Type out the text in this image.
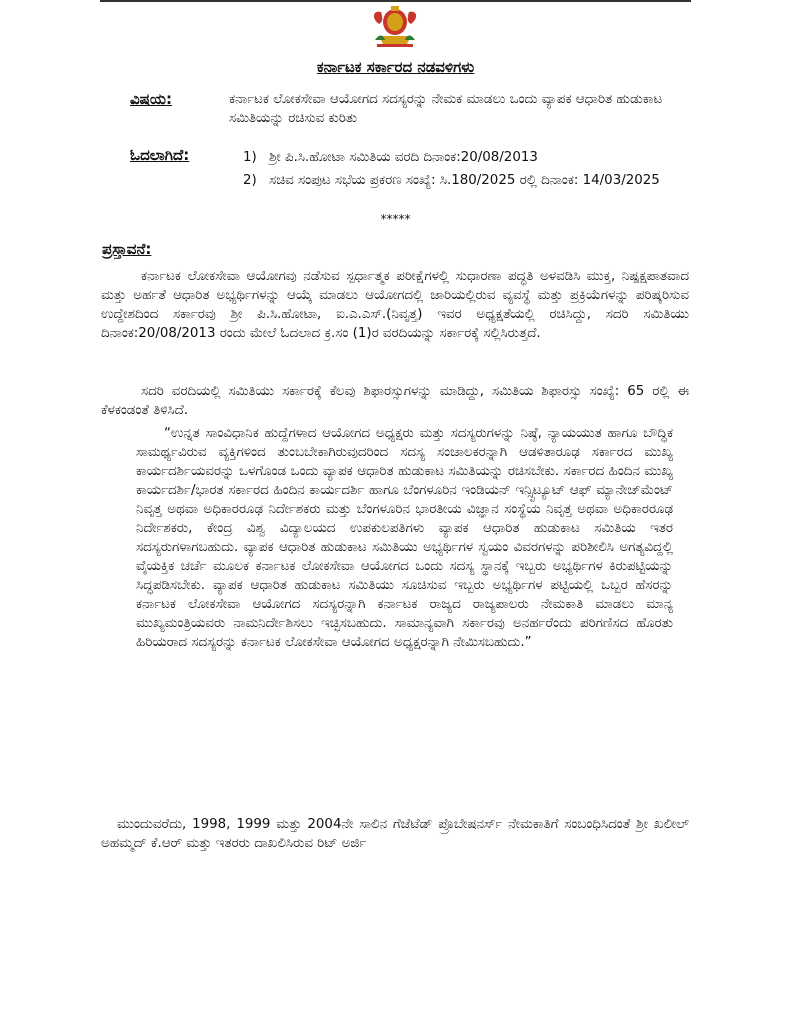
ಕರ್ನಾಟಕ ಸರ್ಕಾರದ ನಡವಳಿಗಳು
ವಿಷಯ:	ಕರ್ನಾಟಕ ಲೋಕಸೇವಾ ಆಯೋಗದ ಸದಸ್ಯರನ್ನು ನೇಮಕ ಮಾಡಲು ಒಂದು ವ್ಯಾಪಕ ಆಧಾರಿತ ಹುಡುಕಾಟ ಸಮಿತಿಯನ್ನು ರಚಿಸುವ ಕುರಿತು
ಓದಲಾಗಿದೆ:	1) ಶ್ರೀ ಪಿ.ಸಿ.ಹೋಟಾ ಸಮಿತಿಯ ವರದಿ ದಿನಾಂಕ:20/08/2013
2) ಸಚಿವ ಸಂಪುಟ ಸಭೆಯ ಪ್ರಕರಣ ಸಂಖ್ಯೆ: ಸಿ.180/2025 ರಲ್ಲಿ ದಿನಾಂಕ: 14/03/2025
*****
ಪ್ರಸ್ತಾವನೆ:
ಕರ್ನಾಟಕ ಲೋಕಸೇವಾ ಆಯೋಗವು ನಡೆಸುವ ಸ್ಪರ್ಧಾತ್ಮಕ ಪರೀಕ್ಷೆಗಳಲ್ಲಿ ಸುಧಾರಣಾ ಪದ್ಧತಿ ಅಳವಡಿಸಿ ಮುಕ್ತ, ನಿಷ್ಪಕ್ಷಪಾತವಾದ ಮತ್ತು ಅರ್ಹತೆ ಆಧಾರಿತ ಅಭ್ಯರ್ಥಿಗಳನ್ನು ಆಯ್ಕೆ ಮಾಡಲು ಆಯೋಗದಲ್ಲಿ ಜಾರಿಯಲ್ಲಿರುವ ವ್ಯವಸ್ಥೆ ಮತ್ತು ಪ್ರಕ್ರಿಯೆಗಳನ್ನು ಪರಿಷ್ಕರಿಸುವ ಉದ್ದೇಶದಿಂದ ಸರ್ಕಾರವು ಶ್ರೀ ಪಿ.ಸಿ.ಹೋಟಾ, ಐ.ಎ.ಎಸ್.(ನಿವೃತ್ತ) ಇವರ ಅಧ್ಯಕ್ಷತೆಯಲ್ಲಿ ರಚಿಸಿದ್ದು, ಸದರಿ ಸಮಿತಿಯು ದಿನಾಂಕ:20/08/2013 ರಂದು ಮೇಲೆ ಓದಲಾದ ಕ್ರ.ಸಂ (1)ರ ವರದಿಯನ್ನು ಸರ್ಕಾರಕ್ಕೆ ಸಲ್ಲಿಸಿರುತ್ತದೆ.
ಸದರಿ ವರದಿಯಲ್ಲಿ ಸಮಿತಿಯು ಸರ್ಕಾರಕ್ಕೆ ಕೆಲವು ಶಿಫಾರಸ್ಸುಗಳನ್ನು ಮಾಡಿದ್ದು, ಸಮಿತಿಯ ಶಿಫಾರಸ್ಸು ಸಂಖ್ಯೆ: 65 ರಲ್ಲಿ ಈ ಕೆಳಕಂಡಂತೆ ತಿಳಿಸಿದೆ.
“ಉನ್ನತ ಸಾಂವಿಧಾನಿಕ ಹುದ್ದೆಗಳಾದ ಆಯೋಗದ ಅಧ್ಯಕ್ಷರು ಮತ್ತು ಸದಸ್ಯರುಗಳನ್ನು ನಿಷ್ಠೆ, ನ್ಯಾಯಯುತ ಹಾಗೂ ಬೌದ್ಧಿಕ ಸಾಮರ್ಥ್ಯವಿರುವ ವ್ಯಕ್ತಿಗಳಿಂದ ತುಂಬಬೇಕಾಗಿರುವುದರಿಂದ ಸದಸ್ಯ ಸಂಚಾಲಕರನ್ನಾಗಿ ಆಡಳಿತಾರೂಢ ಸರ್ಕಾರದ ಮುಖ್ಯ ಕಾರ್ಯದರ್ಶಿಯವರನ್ನು ಒಳಗೊಂಡ ಒಂದು ವ್ಯಾಪಕ ಆಧಾರಿತ ಹುಡುಕಾಟ ಸಮಿತಿಯನ್ನು ರಚಿಸಬೇಕು. ಸರ್ಕಾರದ ಹಿಂದಿನ ಮುಖ್ಯ ಕಾರ್ಯದರ್ಶಿ/ಭಾರತ ಸರ್ಕಾರದ ಹಿಂದಿನ ಕಾರ್ಯದರ್ಶಿ ಹಾಗೂ ಬೆಂಗಳೂರಿನ ಇಂಡಿಯನ್ ಇನ್ಸ್ಟಿಟ್ಯೂಟ್ ಆಫ್ ಮ್ಯಾನೇಜ್‌ಮೆಂಟ್ ನಿವೃತ್ತ ಅಥವಾ ಅಧಿಕಾರರೂಢ ನಿರ್ದೇಶಕರು ಮತ್ತು ಬೆಂಗಳೂರಿನ ಭಾರತೀಯ ವಿಜ್ಞಾನ ಸಂಸ್ಥೆಯ ನಿವೃತ್ತ ಅಥವಾ ಅಧಿಕಾರರೂಢ ನಿರ್ದೇಶಕರು, ಕೇಂದ್ರ ವಿಶ್ವ ವಿದ್ಯಾಲಯದ ಉಪಕುಲಪತಿಗಳು ವ್ಯಾಪಕ ಆಧಾರಿತ ಹುಡುಕಾಟ ಸಮಿತಿಯ ಇತರ ಸದಸ್ಯರುಗಳಾಗಬಹುದು. ವ್ಯಾಪಕ ಆಧಾರಿತ ಹುಡುಕಾಟ ಸಮಿತಿಯು ಅಭ್ಯರ್ಥಿಗಳ ಸ್ವಯಂ ವಿವರಗಳನ್ನು ಪರಿಶೀಲಿಸಿ ಅಗತ್ಯವಿದ್ದಲ್ಲಿ ವೈಯಕ್ತಿಕ ಚರ್ಚೆ ಮೂಲಕ ಕರ್ನಾಟಕ ಲೋಕಸೇವಾ ಆಯೋಗದ ಒಂದು ಸದಸ್ಯ ಸ್ಥಾನಕ್ಕೆ ಇಬ್ಬರು ಅಭ್ಯರ್ಥಿಗಳ ಕಿರುಪಟ್ಟಿಯನ್ನು ಸಿದ್ಧಪಡಿಸಬೇಕು. ವ್ಯಾಪಕ ಆಧಾರಿತ ಹುಡುಕಾಟ ಸಮಿತಿಯು ಸೂಚಿಸುವ ಇಬ್ಬರು ಅಭ್ಯರ್ಥಿಗಳ ಪಟ್ಟಿಯಲ್ಲಿ ಒಬ್ಬರ ಹೆಸರನ್ನು ಕರ್ನಾಟಕ ಲೋಕಸೇವಾ ಆಯೋಗದ ಸದಸ್ಯರನ್ನಾಗಿ ಕರ್ನಾಟಕ ರಾಜ್ಯದ ರಾಜ್ಯಪಾಲರು ನೇಮಕಾತಿ ಮಾಡಲು ಮಾನ್ಯ ಮುಖ್ಯಮಂತ್ರಿಯವರು ನಾಮನಿರ್ದೇಶಿಸಲು ಇಚ್ಛಿಸಬಹುದು. ಸಾಮಾನ್ಯವಾಗಿ ಸರ್ಕಾರವು ಅನರ್ಹರೆಂದು ಪರಿಗಣಿಸದ ಹೊರತು ಹಿರಿಯರಾದ ಸದಸ್ಯರನ್ನು ಕರ್ನಾಟಕ ಲೋಕಸೇವಾ ಆಯೋಗದ ಅಧ್ಯಕ್ಷರನ್ನಾಗಿ ನೇಮಿಸಬಹುದು.”
ಮುಂದುವರೆದು, 1998, 1999 ಮತ್ತು 2004ನೇ ಸಾಲಿನ ಗೆಜೆಟೆಡ್ ಪ್ರೊಬೇಷನರ್ಸ್ ನೇಮಕಾತಿಗೆ ಸಂಬಂಧಿಸಿದಂತೆ ಶ್ರೀ ಖಲೀಲ್ ಅಹಮ್ಮದ್ ಕೆ.ಆರ್ ಮತ್ತು ಇತರರು ದಾಖಲಿಸಿರುವ ರಿಟ್ ಅರ್ಜಿ
